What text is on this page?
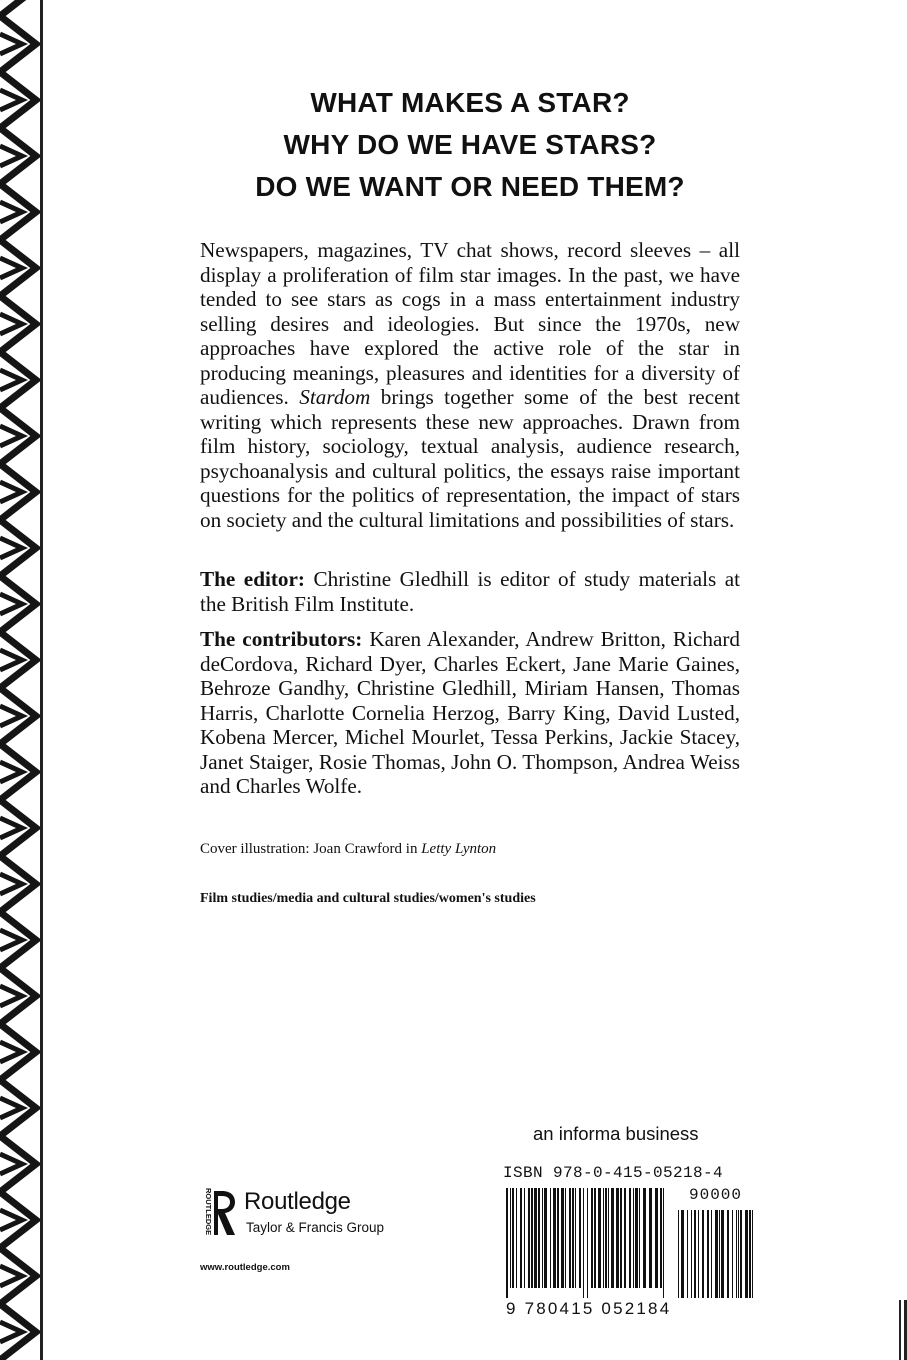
WHAT MAKES A STAR?
WHY DO WE HAVE STARS?
DO WE WANT OR NEED THEM?

Newspapers, magazines, TV chat shows, record sleeves – all display a proliferation of film star images. In the past, we have tended to see stars as cogs in a mass entertainment industry selling desires and ideologies. But since the 1970s, new approaches have explored the active role of the star in producing meanings, pleasures and identities for a diversity of audiences. Stardom brings together some of the best recent writing which represents these new approaches. Drawn from film history, sociology, textual analysis, audience research, psychoanalysis and cultural politics, the essays raise important questions for the politics of representation, the impact of stars on society and the cultural limitations and possibilities of stars.

The editor: Christine Gledhill is editor of study materials at the British Film Institute.

The contributors: Karen Alexander, Andrew Britton, Richard deCordova, Richard Dyer, Charles Eckert, Jane Marie Gaines, Behroze Gandhy, Christine Gledhill, Miriam Hansen, Thomas Harris, Charlotte Cornelia Herzog, Barry King, David Lusted, Kobena Mercer, Michel Mourlet, Tessa Perkins, Jackie Stacey, Janet Staiger, Rosie Thomas, John O. Thompson, Andrea Weiss and Charles Wolfe.

Cover illustration: Joan Crawford in Letty Lynton
Film studies/media and cultural studies/women's studies
an informa business
ROUTLEDGE Routledge
Taylor & Francis Group
www.routledge.com
ISBN 978-0-415-05218-4
90000
9 780415 052184
